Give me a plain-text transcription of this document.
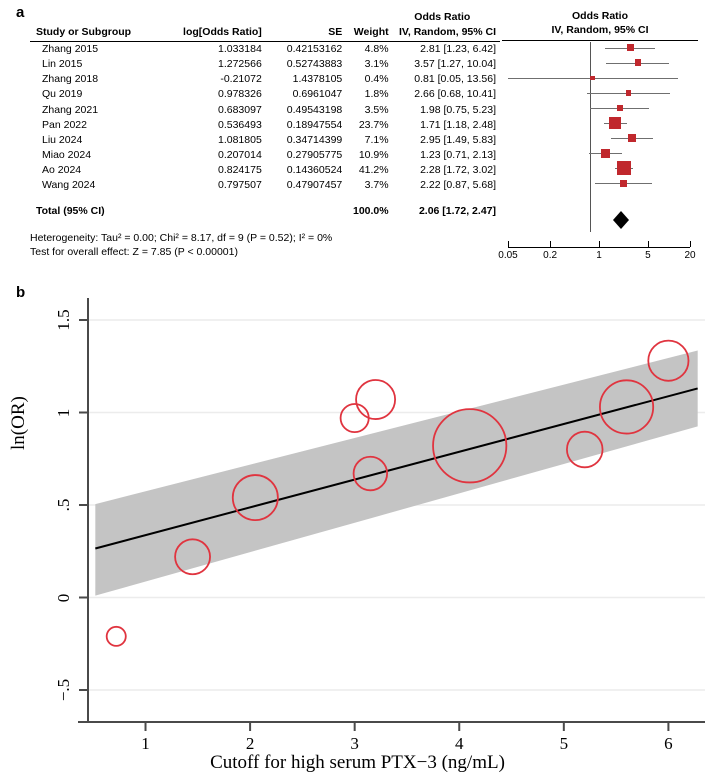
a
					Odds Ratio
Study or Subgroup	log[Odds Ratio]	SE	Weight	IV, Random, 95% CI
Zhang 2015	1.033184	0.42153162	4.8%	2.81 [1.23, 6.42]
Lin 2015	1.272566	0.52743883	3.1%	3.57 [1.27, 10.04]
Zhang 2018	-0.21072	1.4378105	0.4%	0.81 [0.05, 13.56]
Qu 2019	0.978326	0.6961047	1.8%	2.66 [0.68, 10.41]
Zhang 2021	0.683097	0.49543198	3.5%	1.98 [0.75, 5.23]
Pan 2022	0.536493	0.18947554	23.7%	1.71 [1.18, 2.48]
Liu 2024	1.081805	0.34714399	7.1%	2.95 [1.49, 5.83]
Miao 2024	0.207014	0.27905775	10.9%	1.23 [0.71, 2.13]
Ao 2024	0.824175	0.14360524	41.2%	2.28 [1.72, 3.02]
Wang 2024	0.797507	0.47907457	3.7%	2.22 [0.87, 5.68]
Total (95% CI)			100.0%	2.06 [1.72, 2.47]
Heterogeneity: Tau² = 0.00; Chi² = 8.17, df = 9 (P = 0.52); I² = 0%
Test for overall effect: Z = 7.85 (P < 0.00001)
Odds Ratio
IV, Random, 95% CI
0.05	0.2	1	5	20
b
ln(OR)
−.5
0
.5
1
1.5
1	2	3	4	5	6
Cutoff for high serum PTX−3 (ng/mL)
